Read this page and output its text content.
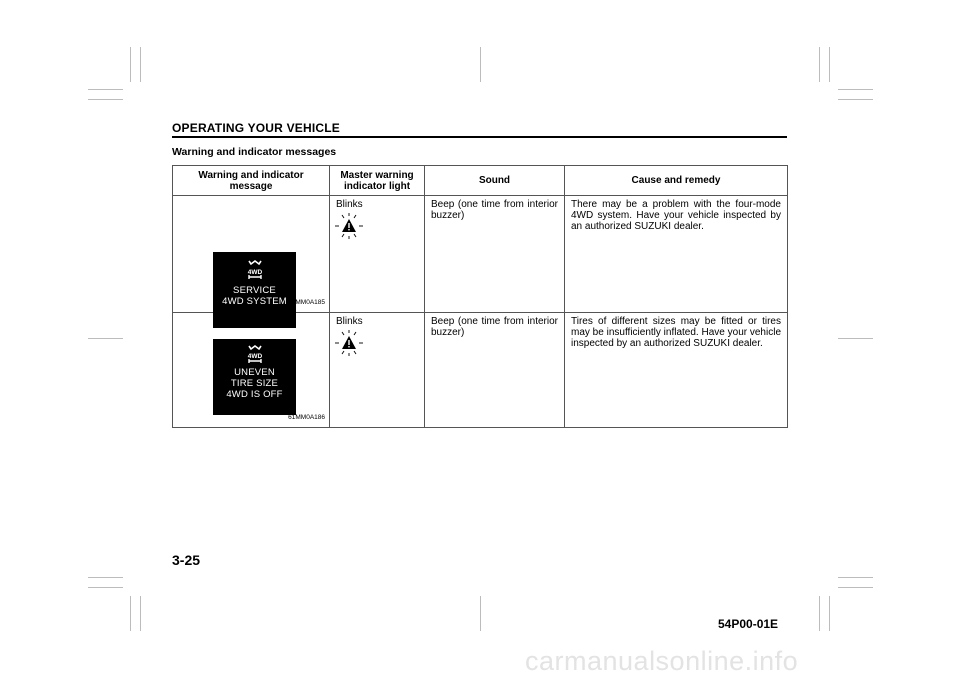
OPERATING YOUR VEHICLE
Warning and indicator messages
Warning and indicator message	Master warning indicator light	Sound	Cause and remedy

4WD
SERVICE
4WD SYSTEM 61MM0A185	Blinks	Beep (one time from interior buzzer)	There may be a problem with the four-mode 4WD system. Have your vehicle inspected by an authorized SUZUKI dealer.

4WD
UNEVEN
TIRE SIZE
4WD IS OFF
61MM0A186	Blinks	Beep (one time from interior buzzer)	Tires of different sizes may be fitted or tires may be insufficiently inflated. Have your vehicle inspected by an authorized SUZUKI dealer.
3-25
54P00-01E
carmanualsonline.info
